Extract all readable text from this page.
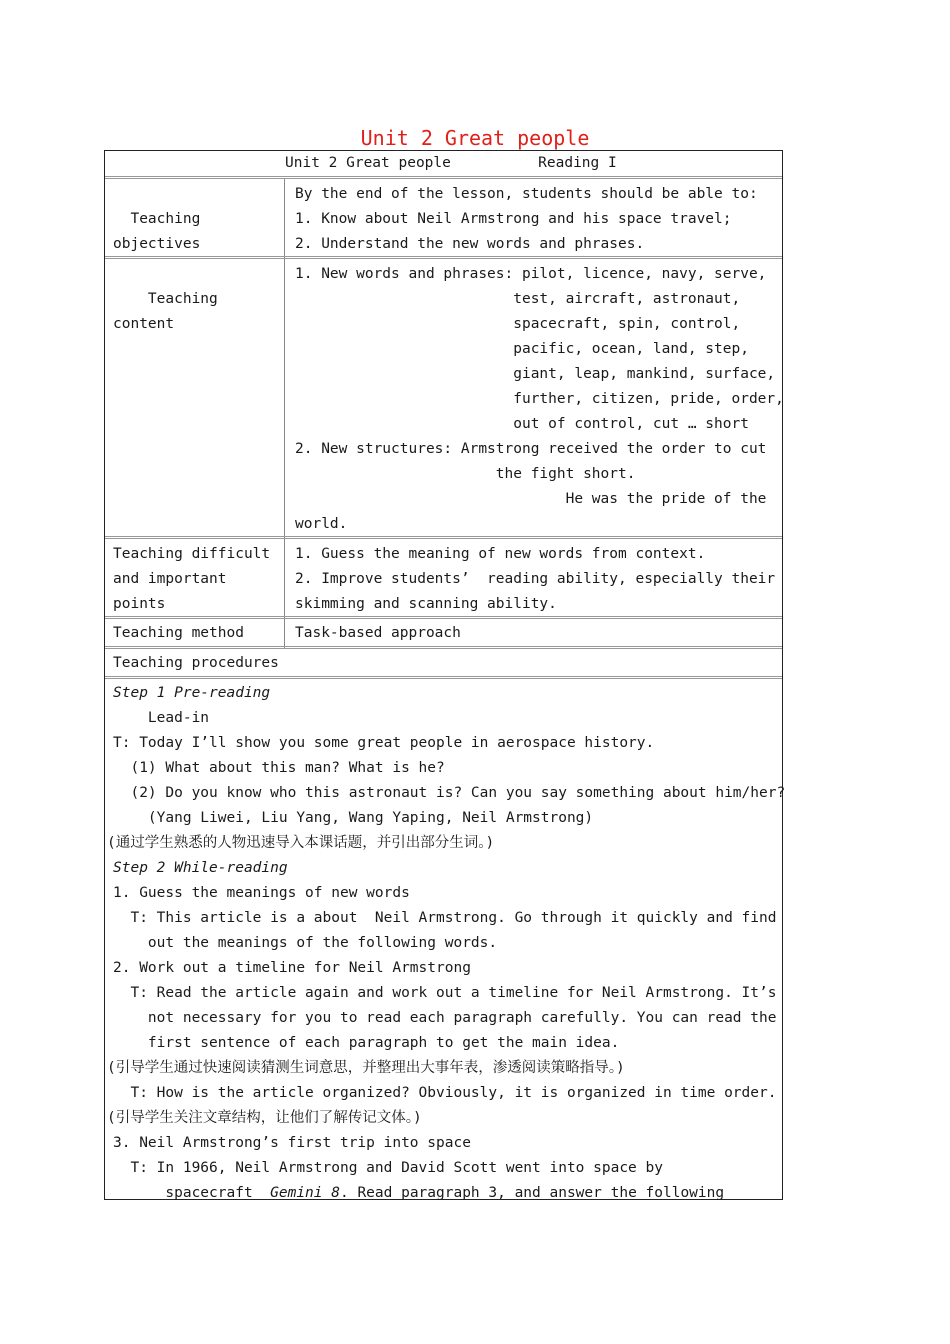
Unit 2 Great people
Unit 2 Great people          Reading I
Teaching
objectives
By the end of the lesson, students should be able to:
1. Know about Neil Armstrong and his space travel;
2. Understand the new words and phrases.
Teaching
content
1. New words and phrases: pilot, licence, navy, serve,
test, aircraft, astronaut,
spacecraft, spin, control,
pacific, ocean, land, step,
giant, leap, mankind, surface,
further, citizen, pride, order,
out of control, cut … short
2. New structures: Armstrong received the order to cut
the fight short.
He was the pride of the
world.
Teaching difficult
and important
points
1. Guess the meaning of new words from context.
2. Improve students’  reading ability, especially their
skimming and scanning ability.
Teaching method	Task-based approach
Teaching procedures
Step 1 Pre-reading
Lead-in
T: Today I’ll show you some great people in aerospace history.
(1) What about this man? What is he?
(2) Do you know who this astronaut is? Can you say something about him/her?
(Yang Liwei, Liu Yang, Wang Yaping, Neil Armstrong)
(通过学生熟悉的人物迅速导入本课话题，并引出部分生词。)
Step 2 While-reading
1. Guess the meanings of new words
T: This article is a about  Neil Armstrong. Go through it quickly and find
out the meanings of the following words.
2. Work out a timeline for Neil Armstrong
T: Read the article again and work out a timeline for Neil Armstrong. It’s
not necessary for you to read each paragraph carefully. You can read the
first sentence of each paragraph to get the main idea.
(引导学生通过快速阅读猜测生词意思，并整理出大事年表，渗透阅读策略指导。)
T: How is the article organized? Obviously, it is organized in time order.
(引导学生关注文章结构，让他们了解传记文体。)
3. Neil Armstrong’s first trip into space
T: In 1966, Neil Armstrong and David Scott went into space by
spacecraft  Gemini 8. Read paragraph 3, and answer the following
